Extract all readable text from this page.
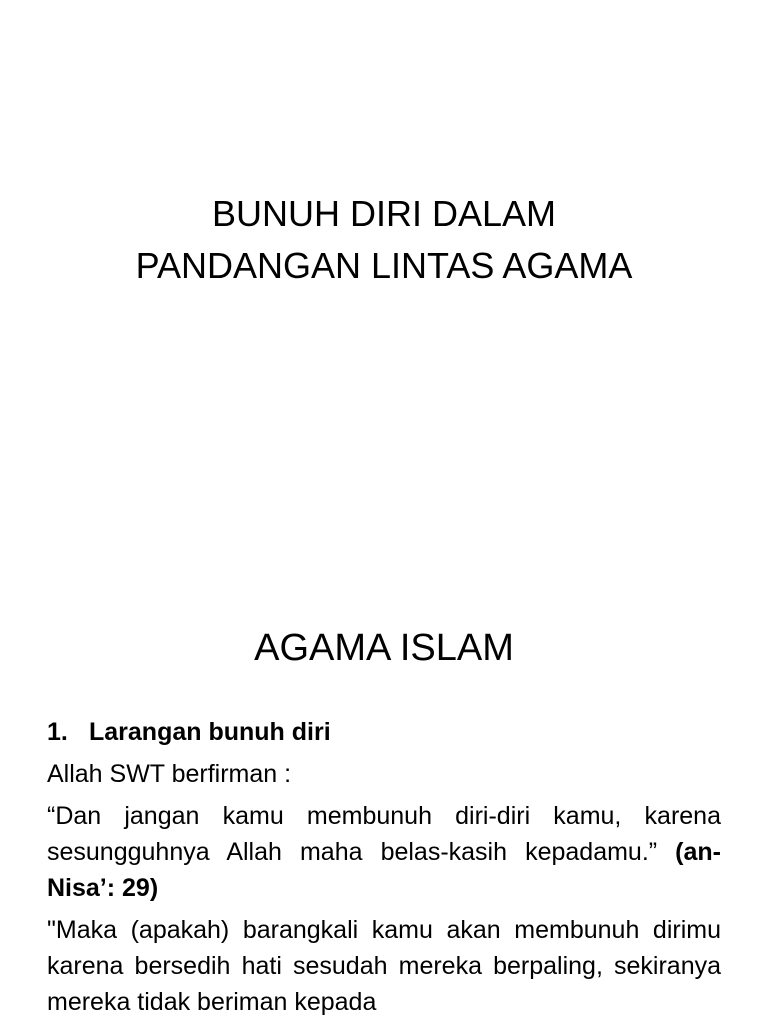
BUNUH DIRI DALAM
PANDANGAN LINTAS AGAMA
AGAMA ISLAM
1. Larangan bunuh diri

Allah SWT berfirman :

“Dan jangan kamu membunuh diri-diri kamu, karena sesungguhnya Allah maha belas-kasih kepadamu.” (an-Nisa’: 29)

"Maka (apakah) barangkali kamu akan membunuh dirimu karena bersedih hati sesudah mereka berpaling, sekiranya mereka tidak beriman kepada
